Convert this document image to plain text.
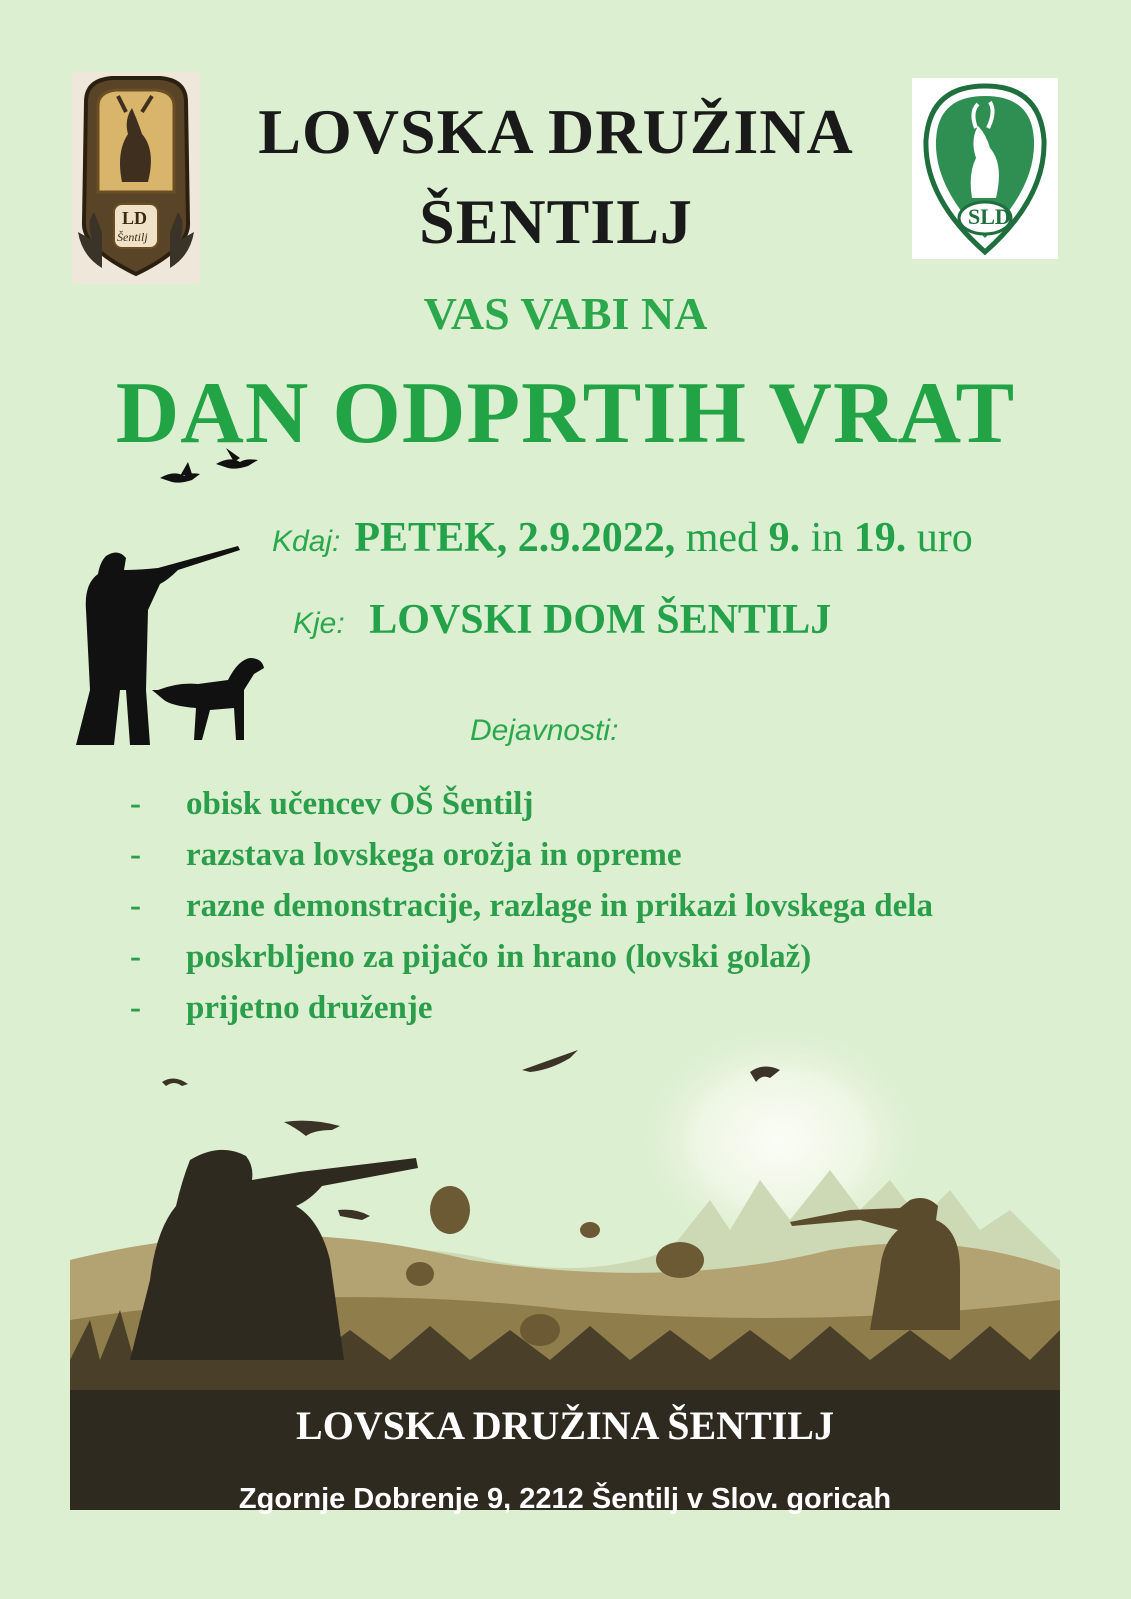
LD
Šentilj
SLD
LOVSKA DRUŽINA
ŠENTILJ
VAS VABI NA
DAN ODPRTIH VRAT
Kdaj: PETEK, 2.9.2022, med 9. in 19. uro
Kje: LOVSKI DOM ŠENTILJ
Dejavnosti:
- obisk učencev OŠ Šentilj
- razstava lovskega orožja in opreme
- razne demonstracije, razlage in prikazi lovskega dela
- poskrbljeno za pijačo in hrano (lovski golaž)
- prijetno druženje
LOVSKA DRUŽINA ŠENTILJ
Zgornje Dobrenje 9, 2212 Šentilj v Slov. goricah
